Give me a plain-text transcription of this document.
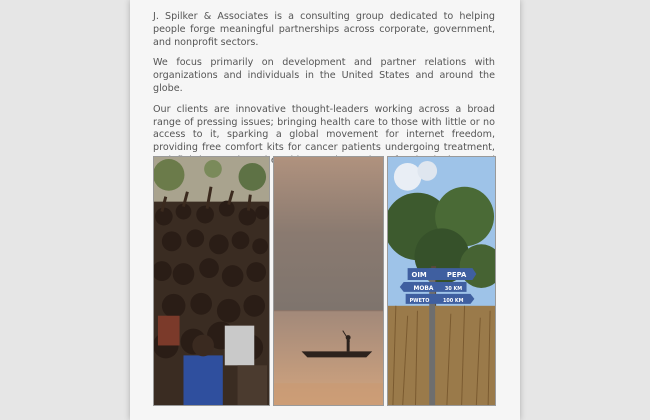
J. Spilker & Associates is a consulting group dedicated to helping people forge meaningful partnerships across corporate, government, and nonprofit sectors.

We focus primarily on development and partner relations with organizations and individuals in the United States and around the globe.

Our clients are innovative thought-leaders working across a broad range of pressing issues; bringing health care to those with little or no access to it, sparking a global movement for internet freedom, providing free comfort kits for cancer patients undergoing treatment,

OIM	PEPA
MOBA 30 KM
PWETO	100 KM
